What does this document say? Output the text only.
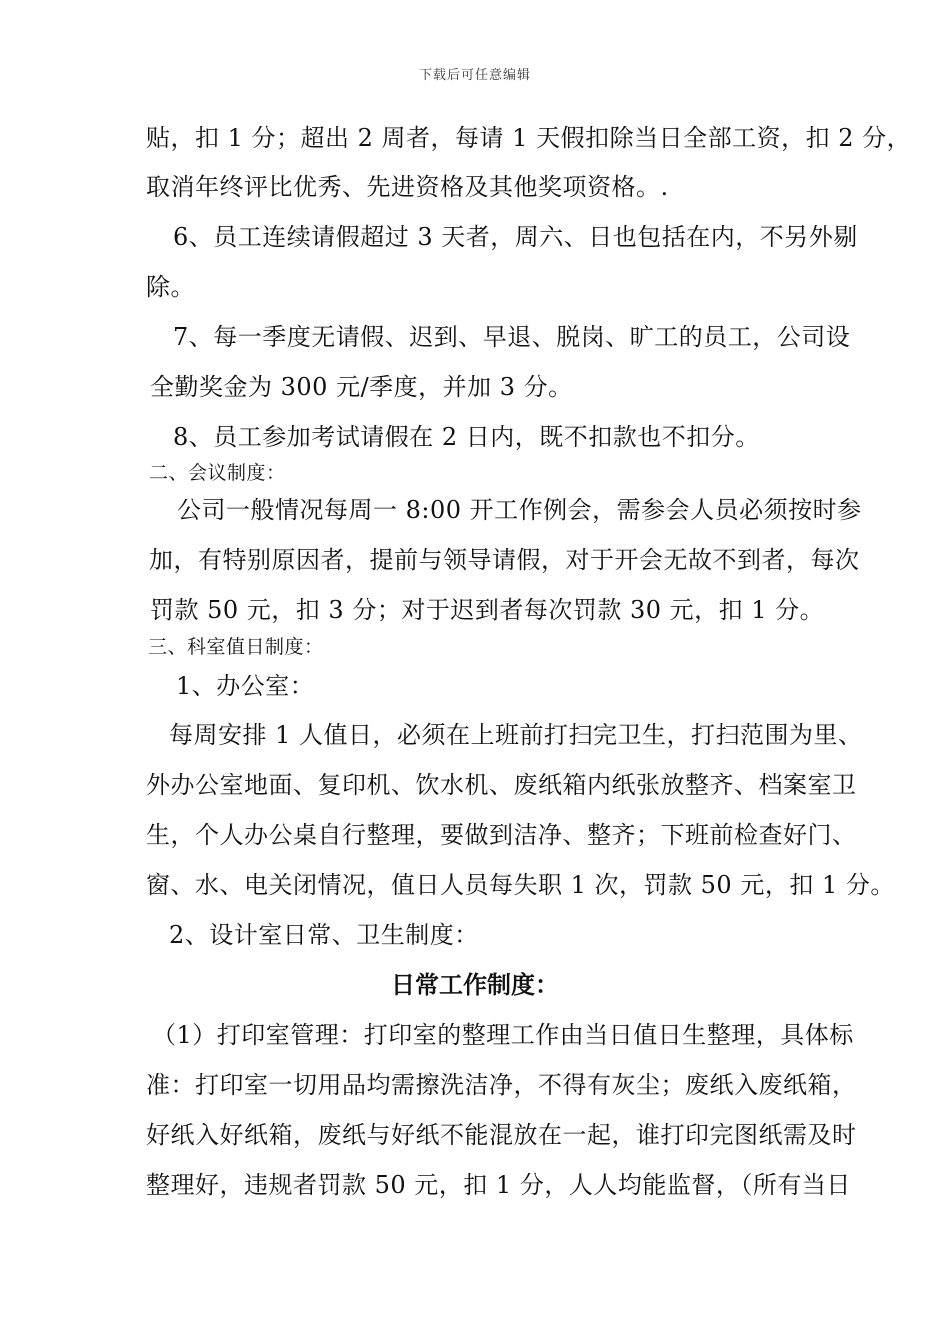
下载后可任意编辑
贴，扣 1 分；超出 2 周者，每请 1 天假扣除当日全部工资，扣 2 分，
取消年终评比优秀、先进资格及其他奖项资格。.
6、员工连续请假超过 3 天者，周六、日也包括在内，不另外剔
除。
7、每一季度无请假、迟到、早退、脱岗、旷工的员工，公司设
全勤奖金为 300 元/季度，并加 3 分。
8、员工参加考试请假在 2 日内，既不扣款也不扣分。
二、会议制度：
公司一般情况每周一 8:00 开工作例会，需参会人员必须按时参
加，有特别原因者，提前与领导请假，对于开会无故不到者，每次
罚款 50 元，扣 3 分；对于迟到者每次罚款 30 元，扣 1 分。
三、科室值日制度：
1、办公室：
每周安排 1 人值日，必须在上班前打扫完卫生，打扫范围为里、
外办公室地面、复印机、饮水机、废纸箱内纸张放整齐、档案室卫
生，个人办公桌自行整理，要做到洁净、整齐；下班前检查好门、
窗、水、电关闭情况，值日人员每失职 1 次，罚款 50 元，扣 1 分。
2、设计室日常、卫生制度：
日常工作制度：
（1）打印室管理：打印室的整理工作由当日值日生整理，具体标
准：打印室一切用品均需擦洗洁净，不得有灰尘；废纸入废纸箱，
好纸入好纸箱，废纸与好纸不能混放在一起，谁打印完图纸需及时
整理好，违规者罚款 50 元，扣 1 分，人人均能监督，（所有当日
